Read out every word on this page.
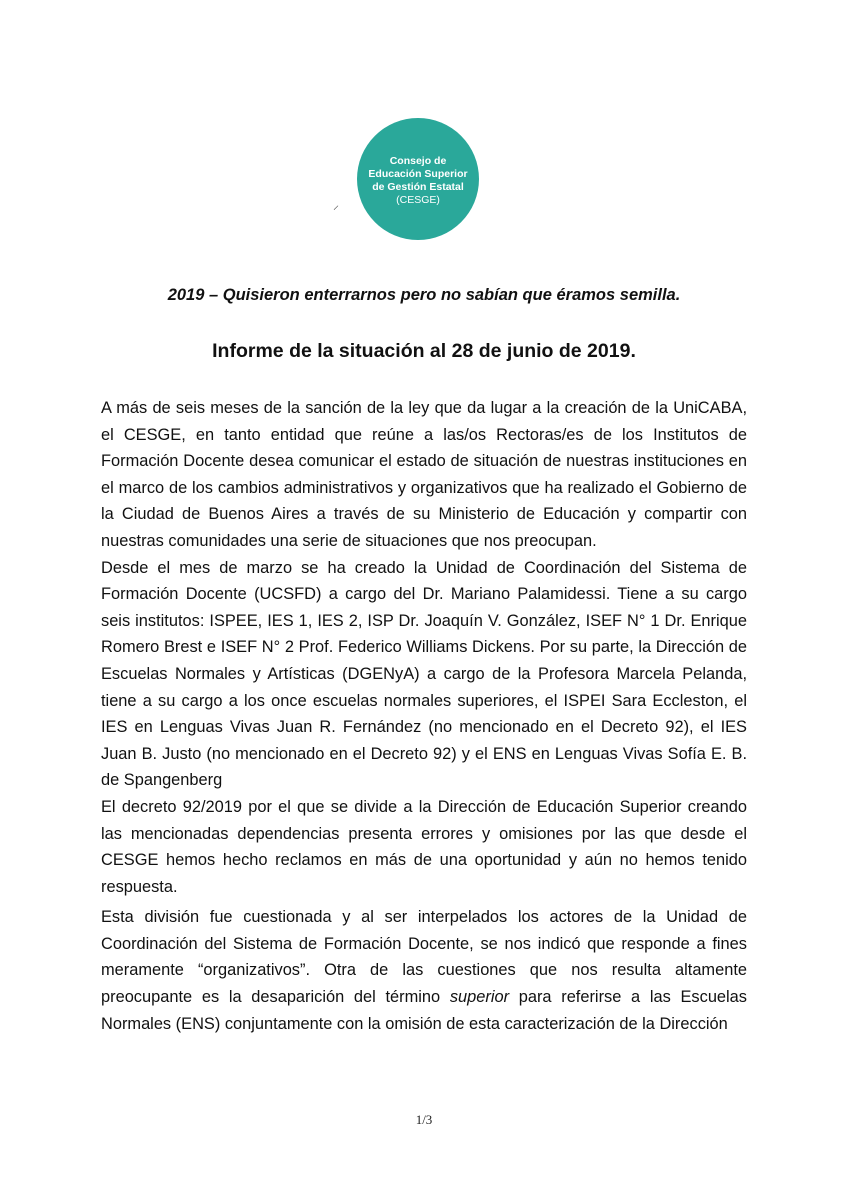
⸝
Consejo de
Educación Superior
de Gestión Estatal
(CESGE)
2019 – Quisieron enterrarnos pero no sabían que éramos semilla.
Informe de la situación al 28 de junio de 2019.

A más de seis meses de la sanción de la ley que da lugar a la creación de la UniCABA, el CESGE, en tanto entidad que reúne a las/os Rectoras/es de los Institutos de Formación Docente desea comunicar el estado de situación de nuestras instituciones en el marco de los cambios administrativos y organizativos que ha realizado el Gobierno de la Ciudad de Buenos Aires a través de su Ministerio de Educación y compartir con nuestras comunidades una serie de situaciones que nos preocupan.

Desde el mes de marzo se ha creado la Unidad de Coordinación del Sistema de Formación Docente (UCSFD) a cargo del Dr. Mariano Palamidessi. Tiene a su cargo seis institutos: ISPEE, IES 1, IES 2, ISP Dr. Joaquín V. González, ISEF N° 1 Dr. Enrique Romero Brest e ISEF N° 2 Prof. Federico Williams Dickens. Por su parte, la Dirección de Escuelas Normales y Artísticas (DGENyA) a cargo de la Profesora Marcela Pelanda, tiene a su cargo a los once escuelas normales superiores, el ISPEI Sara Eccleston, el IES en Lenguas Vivas Juan R. Fernández (no mencionado en el Decreto 92), el IES Juan B. Justo (no mencionado en el Decreto 92) y el ENS en Lenguas Vivas Sofía E. B. de Spangenberg

El decreto 92/2019 por el que se divide a la Dirección de Educación Superior creando las mencionadas dependencias presenta errores y omisiones por las que desde el CESGE hemos hecho reclamos en más de una oportunidad y aún no hemos tenido respuesta.

Esta división fue cuestionada y al ser interpelados los actores de la Unidad de Coordinación del Sistema de Formación Docente, se nos indicó que responde a fines meramente “organizativos”. Otra de las cuestiones que nos resulta altamente preocupante es la desaparición del término superior para referirse a las Escuelas Normales (ENS) conjuntamente con la omisión de esta caracterización de la Dirección

1/3
